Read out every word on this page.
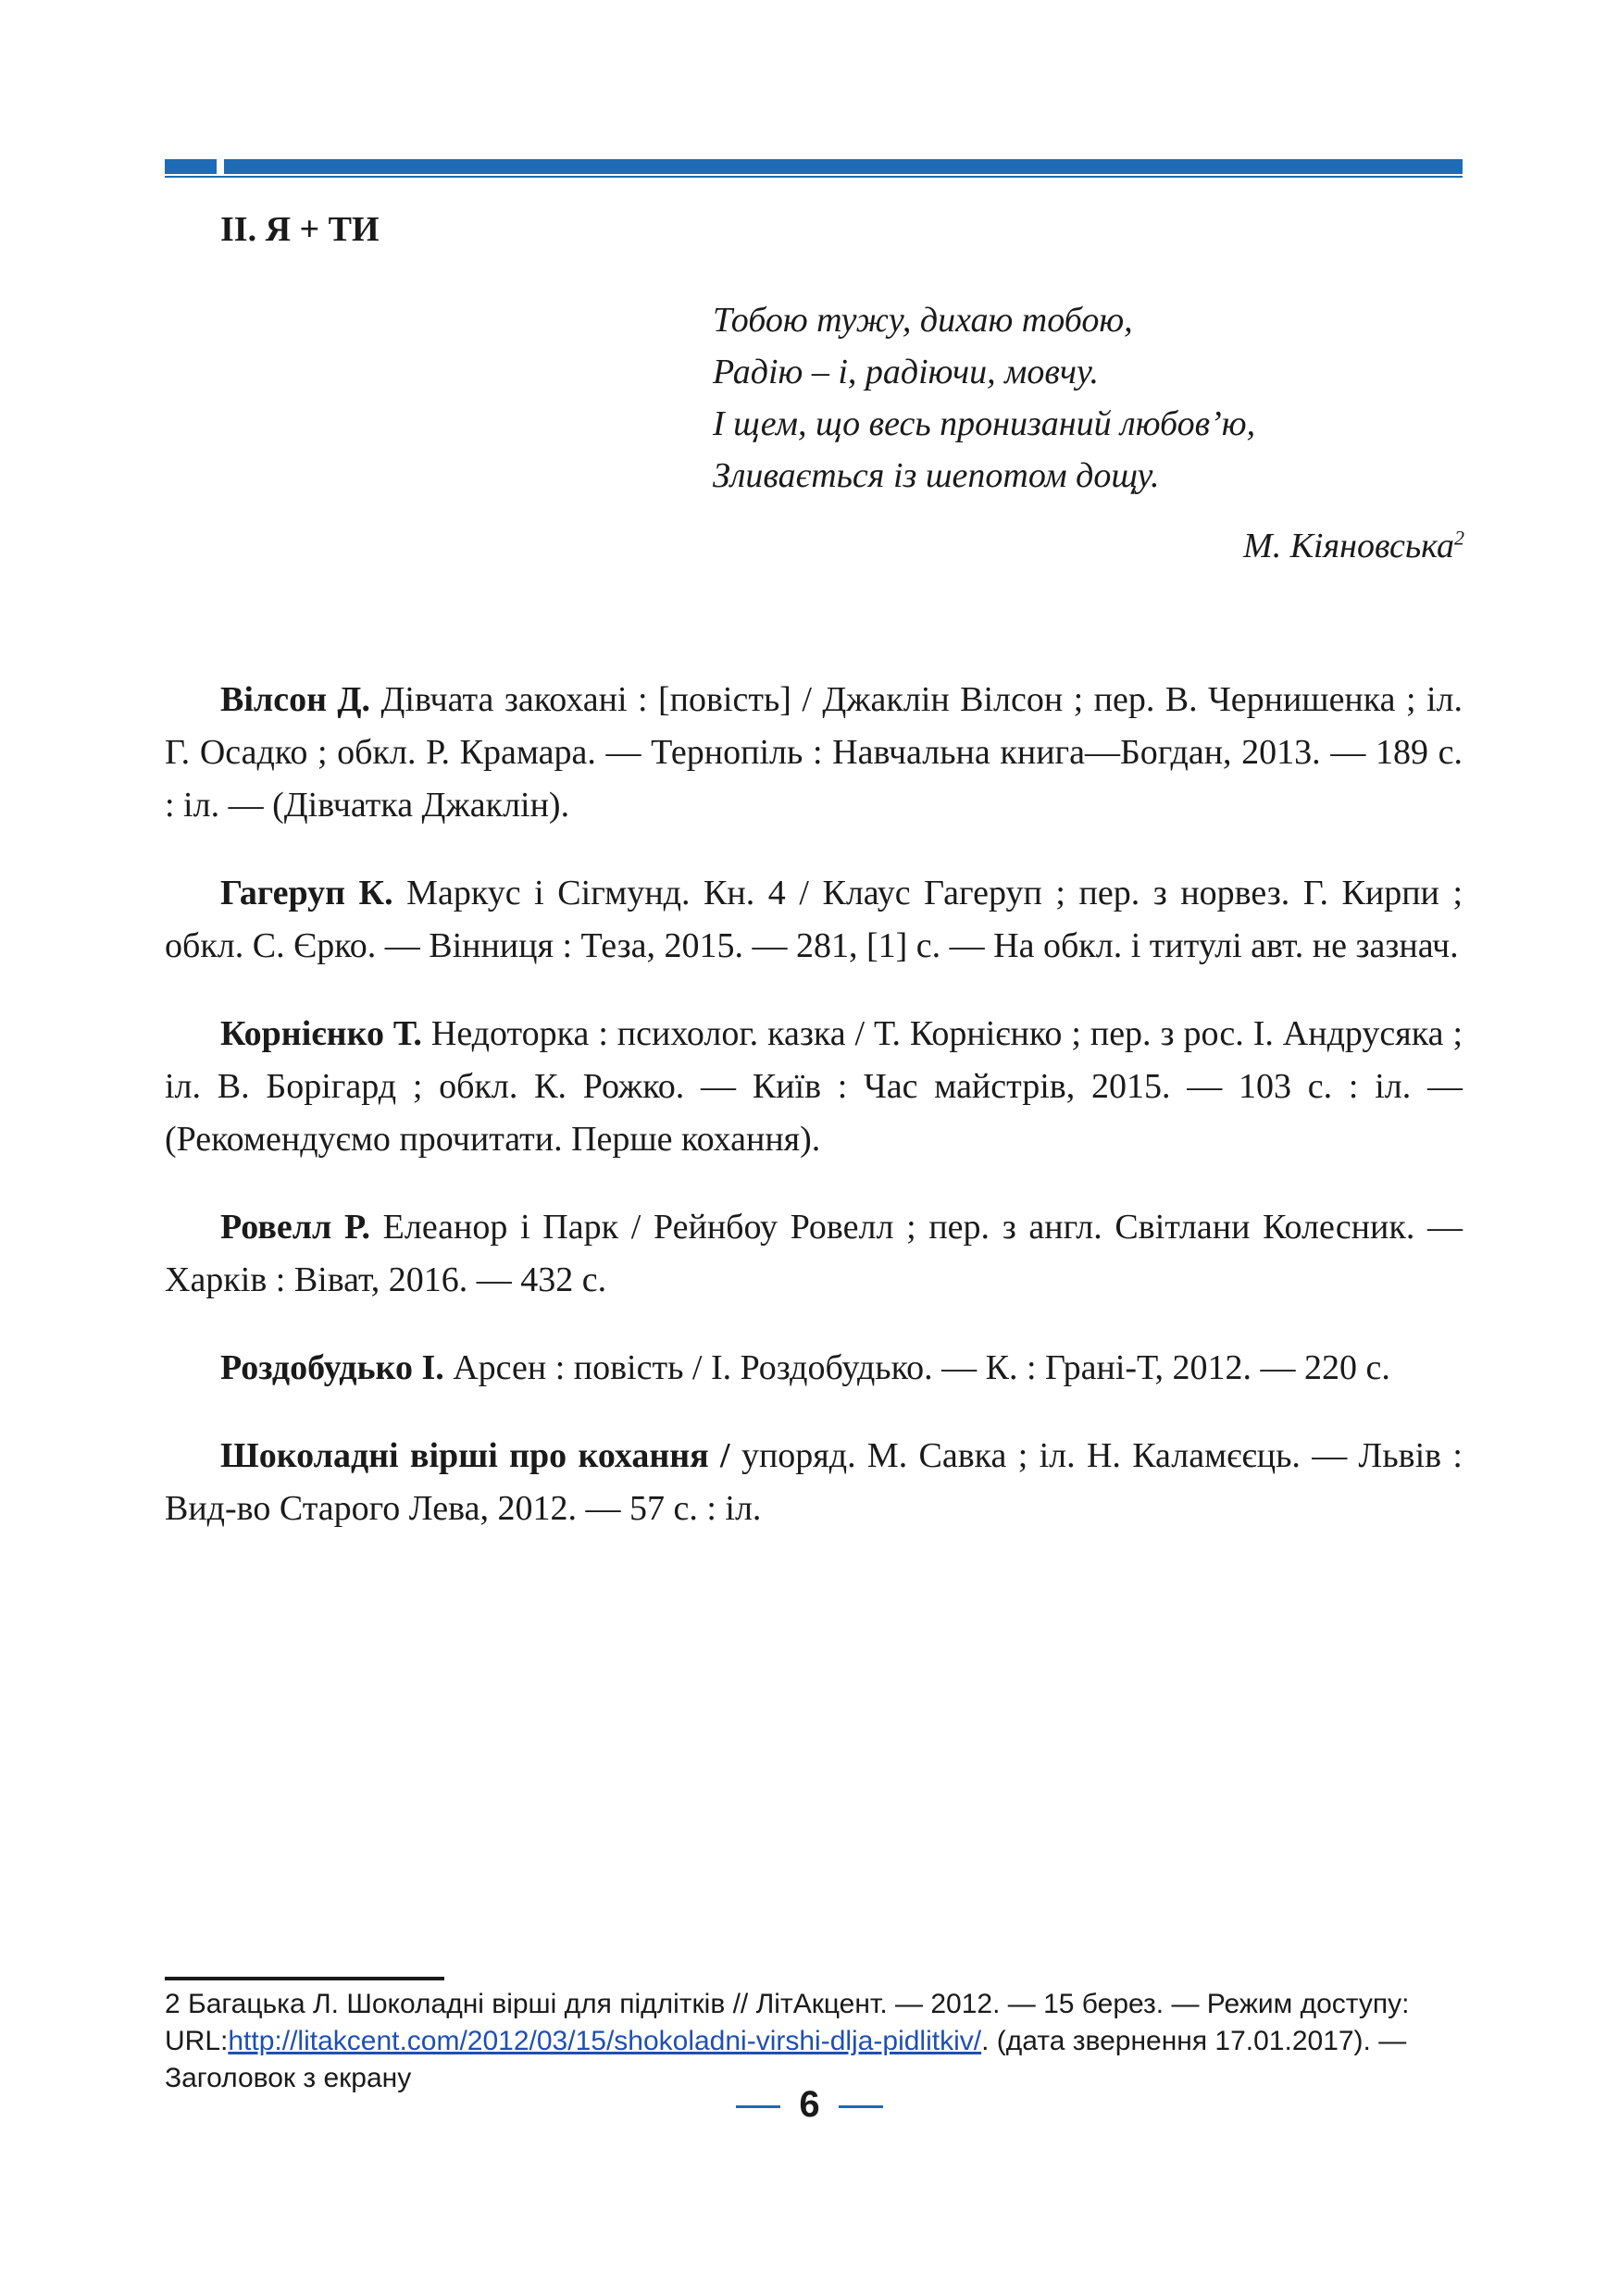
ІІ. Я + ТИ
Тобою тужу, дихаю тобою,
Радію – і, радіючи, мовчу.
І щем, що весь пронизаний любов’ю,
Зливається із шепотом дощу.
М. Кіяновська$^2$

Вілсон Д. Дівчата закохані : [повість] / Джаклін Вілсон ; пер. В. Чернишенка ; іл. Г. Осадко ; обкл. Р. Крамара. — Тернопіль : Навчальна книга—Богдан, 2013. — 189 с. : іл. — (Дівчатка Джаклін).

Гагеруп К. Маркус і Сігмунд. Кн. 4 / Клаус Гагеруп ; пер. з норвез. Г. Кирпи ; обкл. С. Єрко. — Вінниця : Теза, 2015. — 281, [1] с. — На обкл. і титулі авт. не зазнач.

Корнієнко Т. Недоторка : психолог. казка / Т. Корнієнко ; пер. з рос. І. Андрусяка ; іл. В. Борігард ; обкл. К. Рожко. — Київ : Час майстрів, 2015. — 103 с. : іл. — (Рекомендуємо прочитати. Перше кохання).

Ровелл Р. Елеанор і Парк / Рейнбоу Ровелл ; пер. з англ. Світлани Колесник. — Харків : Віват, 2016. — 432 с.

Роздобудько І. Арсен : повість / І. Роздобудько. — К. : Грані-Т, 2012. — 220 с.

Шоколадні вірші про кохання / упоряд. М. Савка ; іл. Н. Каламєєць. — Львів : Вид-во Старого Лева, 2012. — 57 с. : іл.

2 Багацька Л. Шоколадні вірші для підлітків // ЛітАкцент. — 2012. — 15 берез. — Режим доступу: URL:http://litakcent.com/2012/03/15/shokoladni-virshi-dlja-pidlitkiv/. (дата звернення 17.01.2017). — Заголовок з екрану
6
